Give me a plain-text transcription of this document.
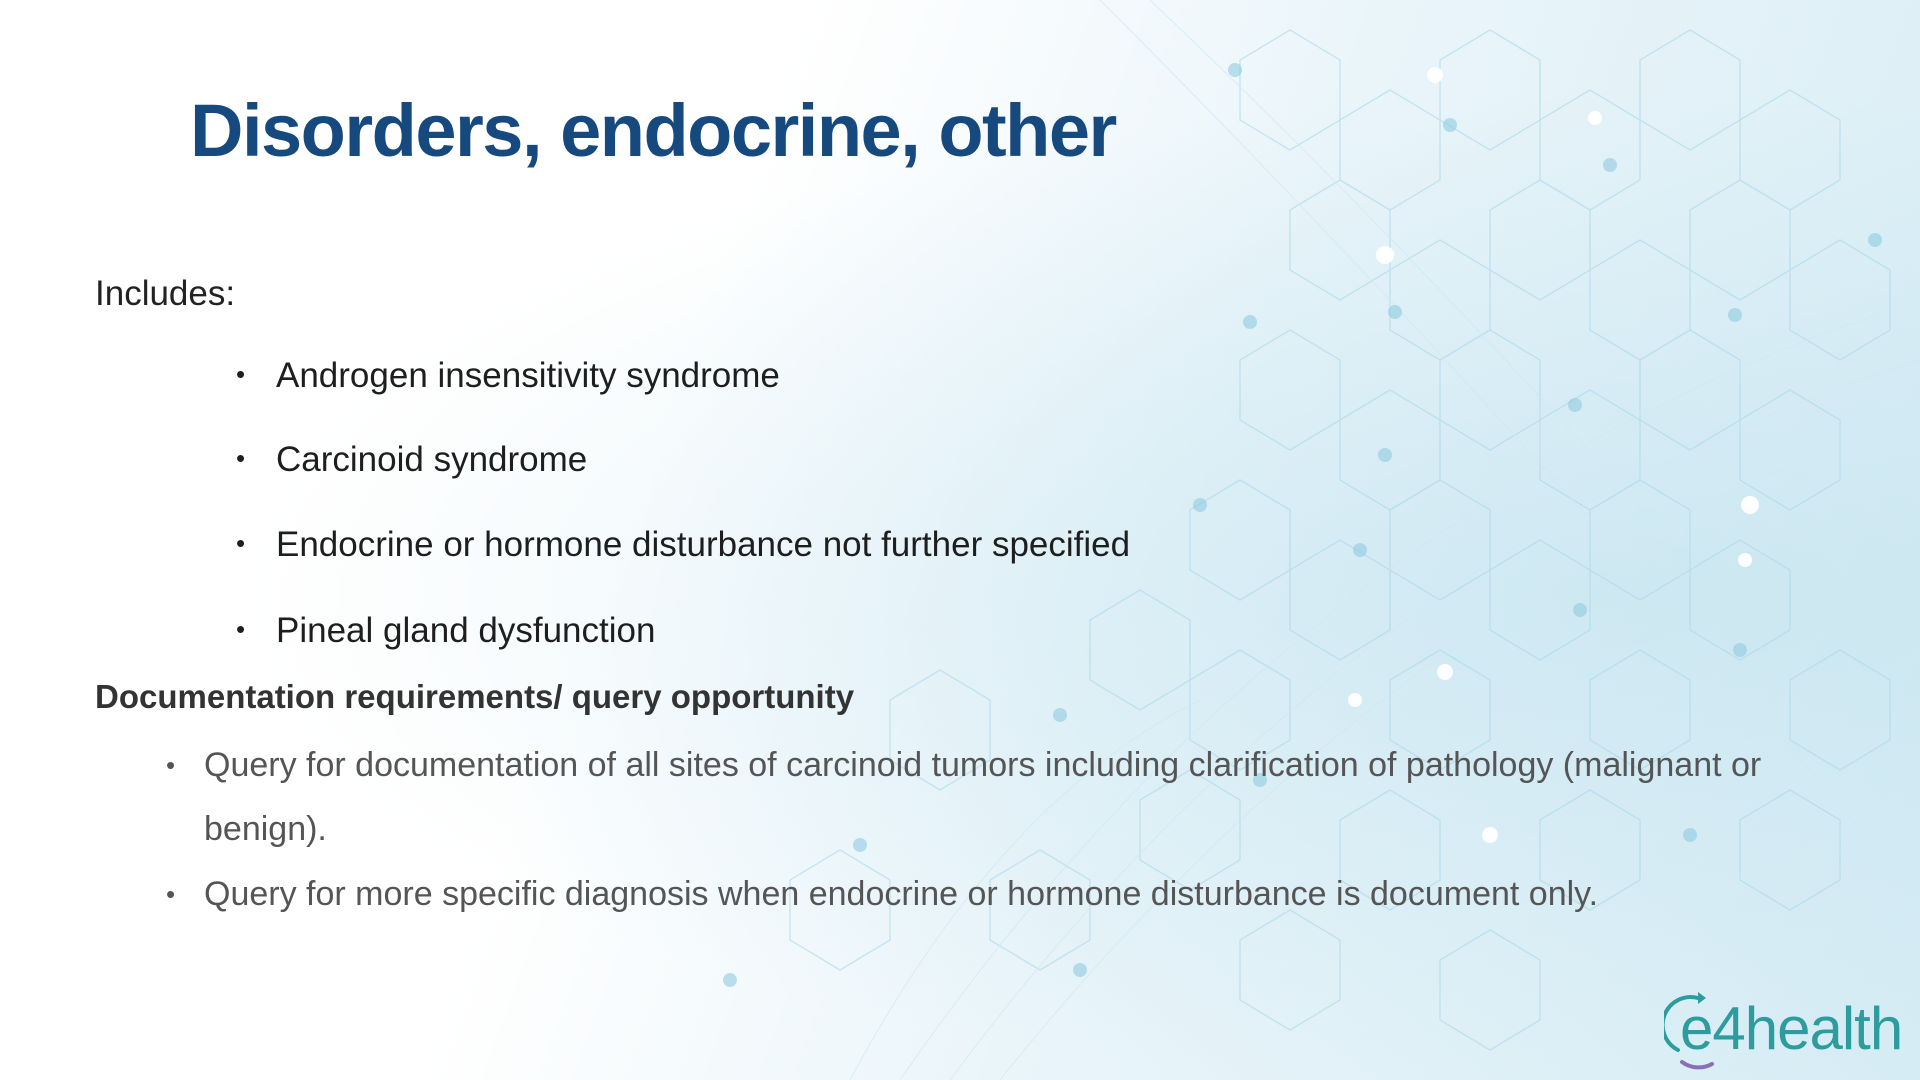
Disorders, endocrine, other

Includes:

• Androgen insensitivity syndrome
• Carcinoid syndrome
• Endocrine or hormone disturbance not further specified
• Pineal gland dysfunction

Documentation requirements/ query opportunity

• Query for documentation of all sites of carcinoid tumors including clarification of pathology (malignant or benign).
• Query for more specific diagnosis when endocrine or hormone disturbance is document only.
e4health
